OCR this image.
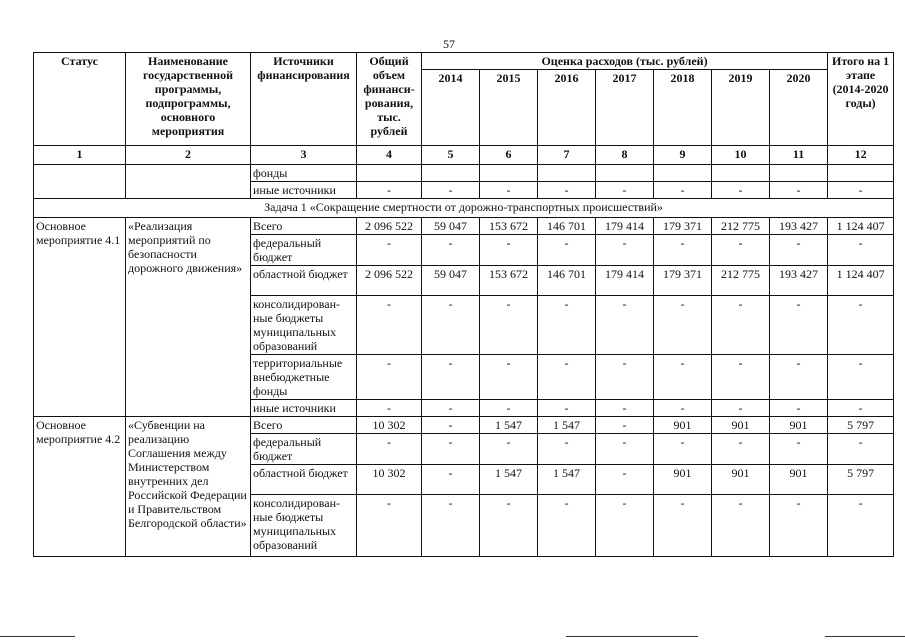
57
Статус	Наименование государственной программы, подпрограммы, основного мероприятия	Источники финансирования	Общий объем финанси-рования, тыс. рублей	Оценка расходов (тыс. рублей)							Итого на 1 этапе (2014-2020 годы)
				2014	2015	2016	2017	2018	2019	2020	
1	2	3	4	5	6	7	8	9	10	11	12
		фонды									
		иные источники	-	-	-	-	-	-	-	-	-
Задача 1 «Сокращение смертности от дорожно-транспортных происшествий»											
Основное мероприятие 4.1	«Реализация мероприятий по безопасности дорожного движения»	Всего	2 096 522	59 047	153 672	146 701	179 414	179 371	212 775	193 427	1 124 407
		федеральный бюджет	-	-	-	-	-	-	-	-	-
		областной бюджет	2 096 522	59 047	153 672	146 701	179 414	179 371	212 775	193 427	1 124 407
		консолидирован-ные бюджеты муниципальных образований	-	-	-	-	-	-	-	-	-
		территориальные внебюджетные фонды	-	-	-	-	-	-	-	-	-
		иные источники	-	-	-	-	-	-	-	-	-
Основное мероприятие 4.2	«Субвенции на реализацию Соглашения между Министерством внутренних дел Российской Федерации и Правительством Белгородской области»	Всего	10 302	-	1 547	1 547	-	901	901	901	5 797
		федеральный бюджет	-	-	-	-	-	-	-	-	-
		областной бюджет	10 302	-	1 547	1 547	-	901	901	901	5 797
		консолидирован-ные бюджеты муниципальных образований	-	-	-	-	-	-	-	-	-
